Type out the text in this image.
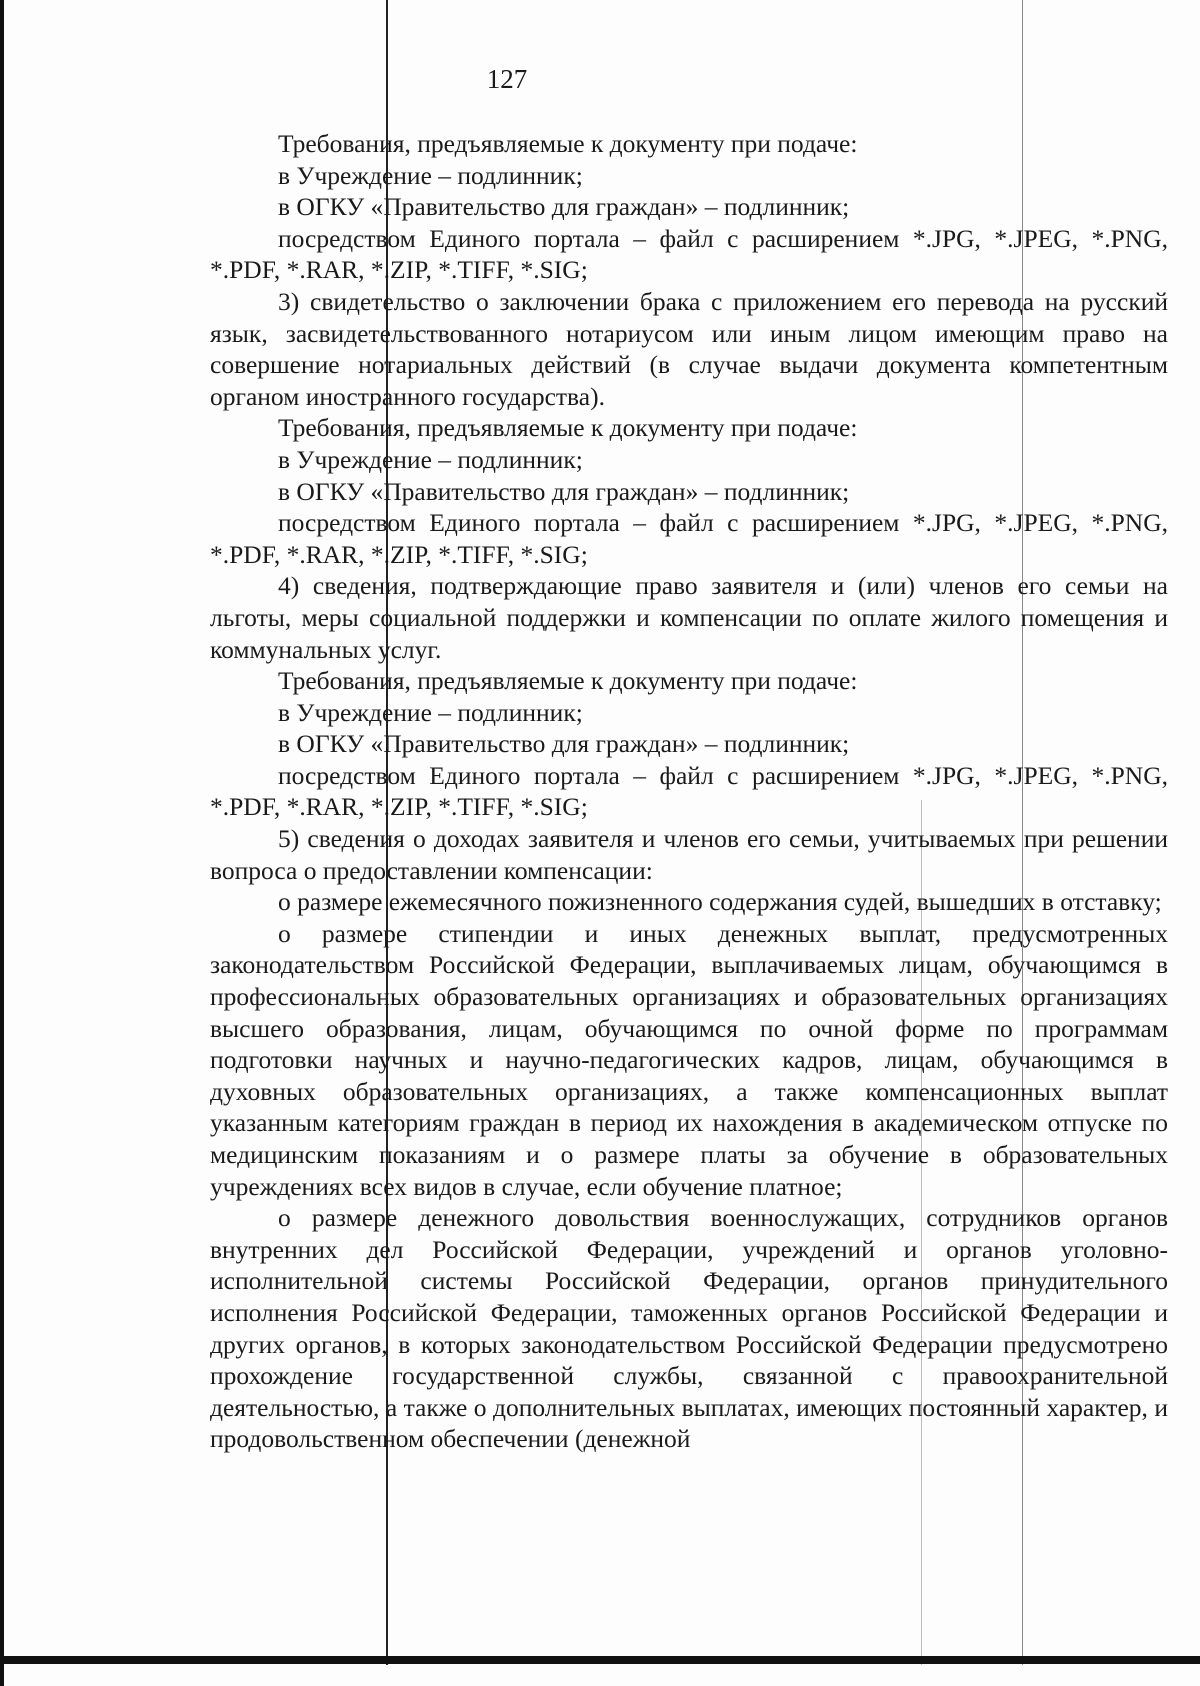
127

Требования, предъявляемые к документу при подаче:

в Учреждение – подлинник;

в ОГКУ «Правительство для граждан» – подлинник;

посредством Единого портала – файл с расширением *.JPG, *.JPEG, *.PNG, *.PDF, *.RAR, *.ZIP, *.TIFF, *.SIG;

3) свидетельство о заключении брака с приложением его перевода на русский язык, засвидетельствованного нотариусом или иным лицом имеющим право на совершение нотариальных действий (в случае выдачи документа компетентным органом иностранного государства).

Требования, предъявляемые к документу при подаче:

в Учреждение – подлинник;

в ОГКУ «Правительство для граждан» – подлинник;

посредством Единого портала – файл с расширением *.JPG, *.JPEG, *.PNG, *.PDF, *.RAR, *.ZIP, *.TIFF, *.SIG;

4) сведения, подтверждающие право заявителя и (или) членов его семьи на льготы, меры социальной поддержки и компенсации по оплате жилого помещения и коммунальных услуг.

Требования, предъявляемые к документу при подаче:

в Учреждение – подлинник;

в ОГКУ «Правительство для граждан» – подлинник;

посредством Единого портала – файл с расширением *.JPG, *.JPEG, *.PNG, *.PDF, *.RAR, *.ZIP, *.TIFF, *.SIG;

5) сведения о доходах заявителя и членов его семьи, учитываемых при решении вопроса о предоставлении компенсации:

о размере ежемесячного пожизненного содержания судей, вышедших в отставку;

о размере стипендии и иных денежных выплат, предусмотренных законодательством Российской Федерации, выплачиваемых лицам, обучающимся в профессиональных образовательных организациях и образовательных организациях высшего образования, лицам, обучающимся по очной форме по программам подготовки научных и научно-педагогических кадров, лицам, обучающимся в духовных образовательных организациях, а также компенсационных выплат указанным категориям граждан в период их нахождения в академическом отпуске по медицинским показаниям и о размере платы за обучение в образовательных учреждениях всех видов в случае, если обучение платное;

о размере денежного довольствия военнослужащих, сотрудников органов внутренних дел Российской Федерации, учреждений и органов уголовно-исполнительной системы Российской Федерации, органов принудительного исполнения Российской Федерации, таможенных органов Российской Федерации и других органов, в которых законодательством Российской Федерации предусмотрено прохождение государственной службы, связанной с правоохранительной деятельностью, а также о дополнительных выплатах, имеющих постоянный характер, и продовольственном обеспечении (денежной
